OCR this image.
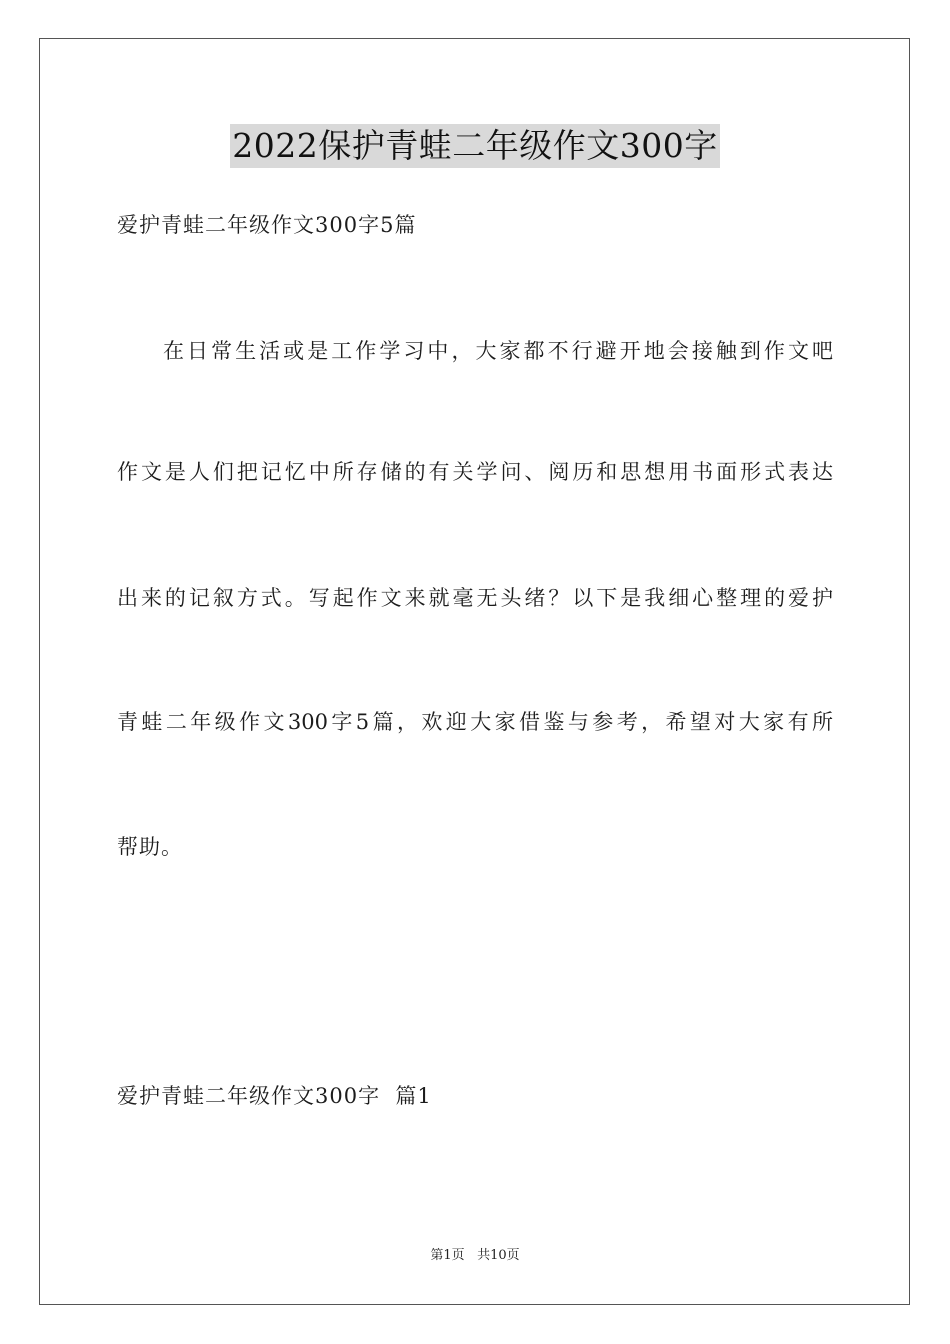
2022保护青蛙二年级作文300字
爱护青蛙二年级作文300字5篇
在日常生活或是工作学习中，大家都不行避开地会接触到作文吧
作文是人们把记忆中所存储的有关学问、阅历和思想用书面形式表达
出来的记叙方式。写起作文来就毫无头绪？以下是我细心整理的爱护
青蛙二年级作文300字5篇，欢迎大家借鉴与参考，希望对大家有所
帮助。
爱护青蛙二年级作文300字  篇1
第1页 共10页
